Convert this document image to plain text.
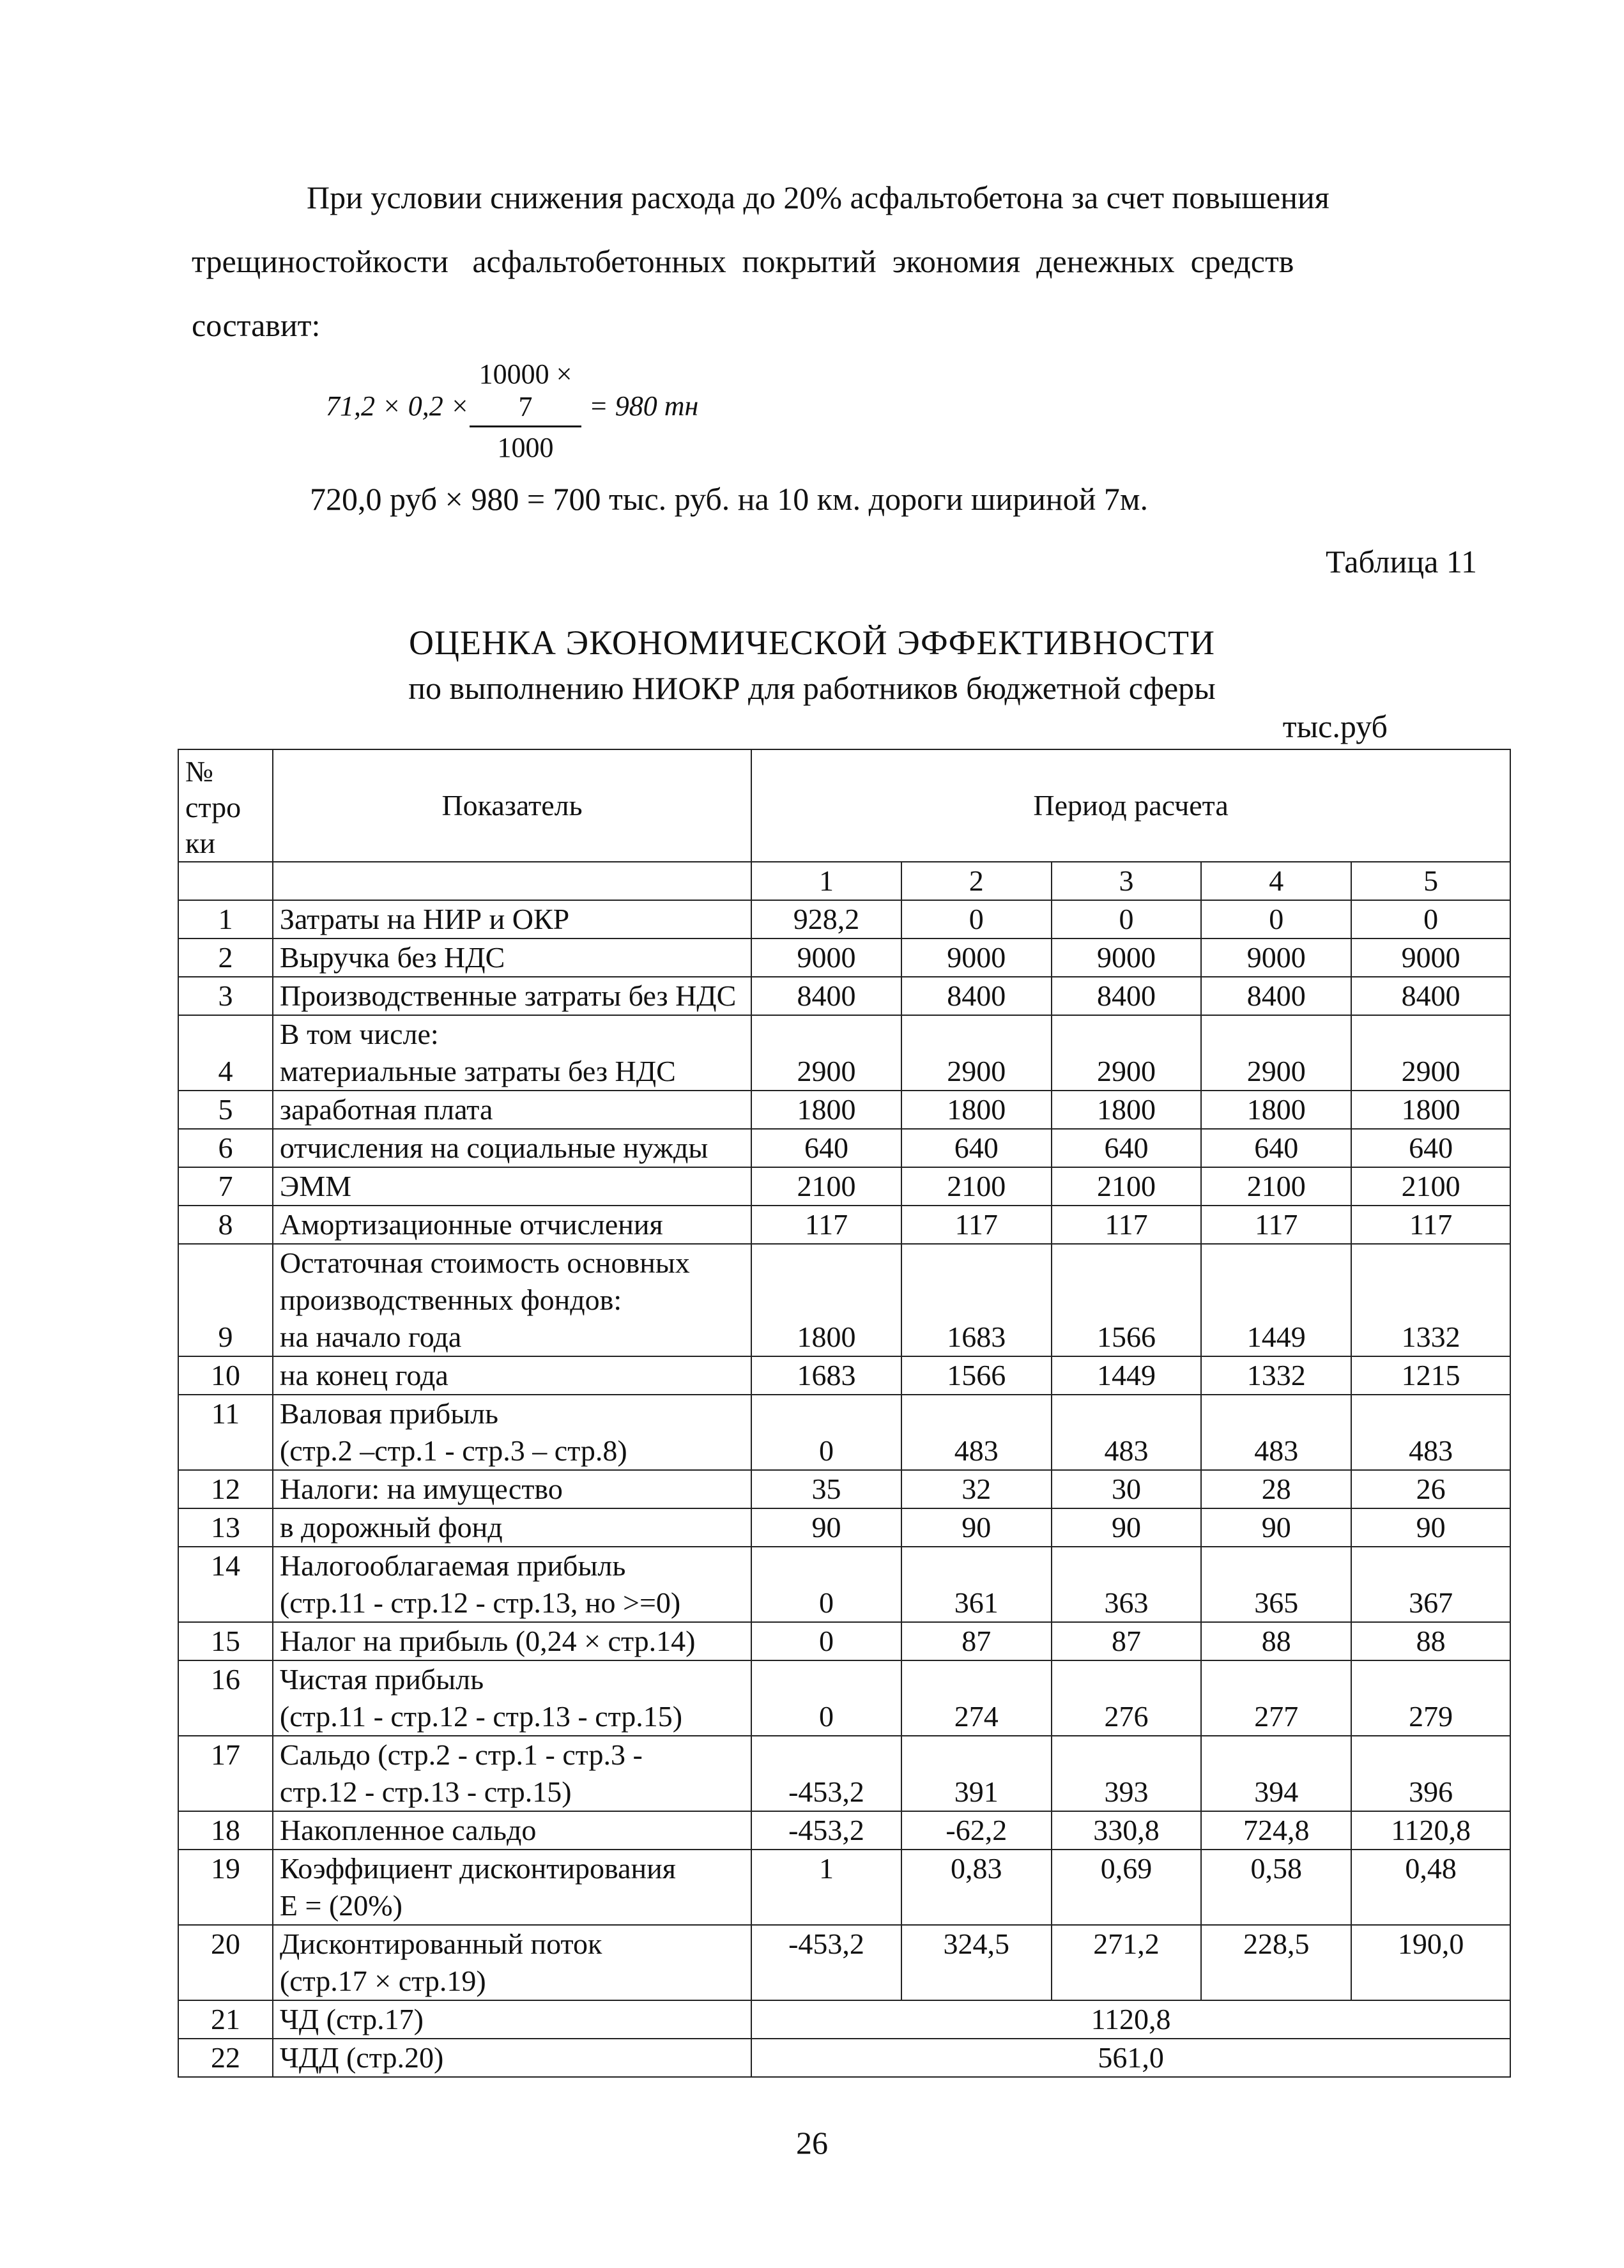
При условии снижения расхода до 20% асфальтобетона за счет повышения
трещиностойкости   асфальтобетонных  покрытий  экономия  денежных  средств
составит:
71,2 × 0,2 ×
10000 × 7
1000
= 980 тн
720,0 руб × 980 = 700 тыс. руб. на 10 км. дороги шириной 7м.
Таблица 11
ОЦЕНКА ЭКОНОМИЧЕСКОЙ ЭФФЕКТИВНОСТИ
по выполнению НИОКР для работников бюджетной сферы
тыс.руб
№
стро
ки	Показатель	Период расчета				
		1	2	3	4	5
1	Затраты на НИР и ОКР	928,2	0	0	0	0
2	Выручка без НДС	9000	9000	9000	9000	9000
3	Производственные затраты без НДС	8400	8400	8400	8400	8400
4	В том числе:
материальные затраты без НДС	2900	2900	2900	2900	2900
5	заработная плата	1800	1800	1800	1800	1800
6	отчисления на социальные нужды	640	640	640	640	640
7	ЭММ	2100	2100	2100	2100	2100
8	Амортизационные отчисления	117	117	117	117	117
9	Остаточная стоимость основных
производственных фондов:
на начало года	1800	1683	1566	1449	1332
10	на конец года	1683	1566	1449	1332	1215
11	Валовая прибыль
(стр.2 –стр.1 - стр.3 – стр.8)	0	483	483	483	483
12	Налоги: на имущество	35	32	30	28	26
13	в дорожный фонд	90	90	90	90	90
14	Налогооблагаемая прибыль
(стр.11 - стр.12 - стр.13, но >=0)	0	361	363	365	367
15	Налог на прибыль (0,24 × стр.14)	0	87	87	88	88
16	Чистая прибыль
(стр.11 - стр.12 - стр.13 - стр.15)	0	274	276	277	279
17	Сальдо (стр.2 - стр.1 - стр.3 -
стр.12 - стр.13 - стр.15)	-453,2	391	393	394	396
18	Накопленное сальдо	-453,2	-62,2	330,8	724,8	1120,8
19	Коэффициент дисконтирования
Е = (20%)	1	0,83	0,69	0,58	0,48
20	Дисконтированный поток
(стр.17 × стр.19)	-453,2	324,5	271,2	228,5	190,0
21	ЧД (стр.17)	1120,8				
22	ЧДД (стр.20)	561,0				
26
